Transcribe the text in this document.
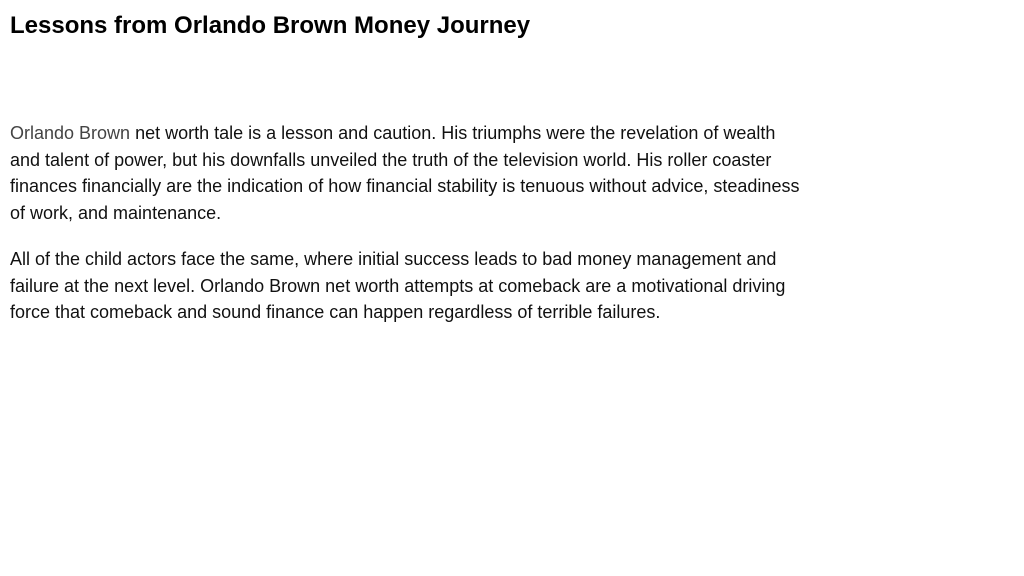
Lessons from Orlando Brown Money Journey

Orlando Brown net worth tale is a lesson and caution. His triumphs were the revelation of wealth and talent of power, but his downfalls unveiled the truth of the television world. His roller coaster finances financially are the indication of how financial stability is tenuous without advice, steadiness of work, and maintenance.

All of the child actors face the same, where initial success leads to bad money management and failure at the next level. Orlando Brown net worth attempts at comeback are a motivational driving force that comeback and sound finance can happen regardless of terrible failures.
